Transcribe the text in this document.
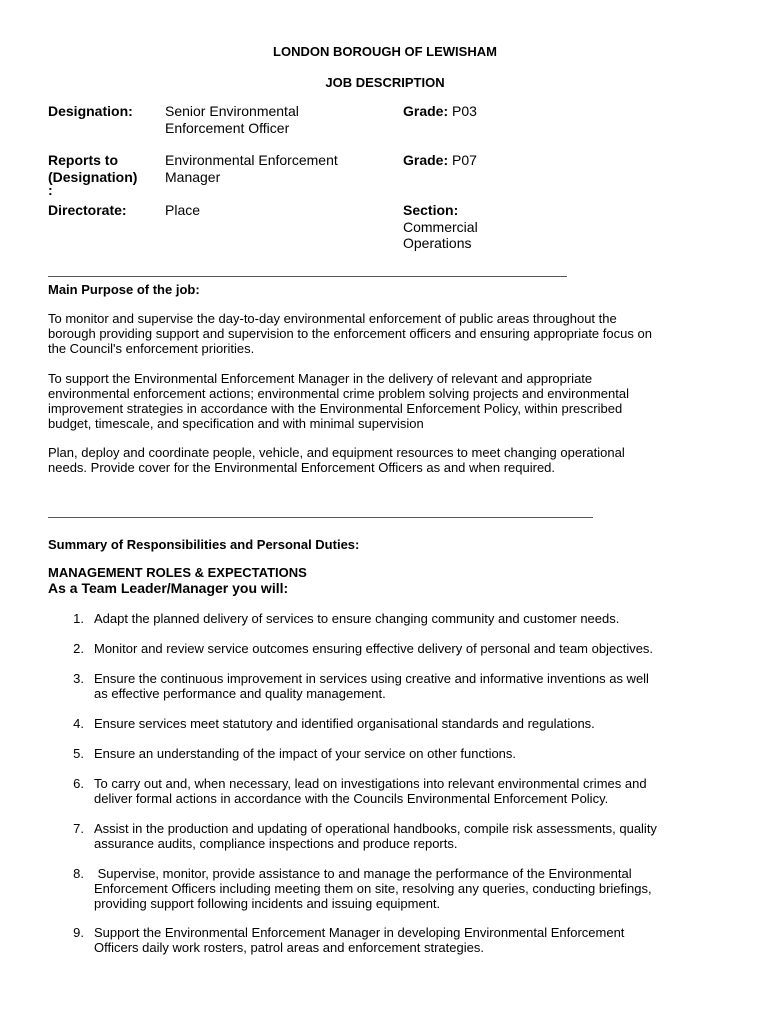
LONDON BOROUGH OF LEWISHAM
JOB DESCRIPTION
Designation: Senior Environmental
Enforcement Officer
Grade: P03
Reports to
(Designation)
:
Environmental Enforcement
Manager
Grade: P07
Directorate:	Place	Section:
Commercial
Operations
Main Purpose of the job:
To monitor and supervise the day-to-day environmental enforcement of public areas throughout the
borough providing support and supervision to the enforcement officers and ensuring appropriate focus on
the Council's enforcement priorities.
To support the Environmental Enforcement Manager in the delivery of relevant and appropriate
environmental enforcement actions; environmental crime problem solving projects and environmental
improvement strategies in accordance with the Environmental Enforcement Policy, within prescribed
budget, timescale, and specification and with minimal supervision
Plan, deploy and coordinate people, vehicle, and equipment resources to meet changing operational
needs. Provide cover for the Environmental Enforcement Officers as and when required.
Summary of Responsibilities and Personal Duties:
MANAGEMENT ROLES & EXPECTATIONS
As a Team Leader/Manager you will:
1. Adapt the planned delivery of services to ensure changing community and customer needs.
2. Monitor and review service outcomes ensuring effective delivery of personal and team objectives.
3. Ensure the continuous improvement in services using creative and informative inventions as well
as effective performance and quality management.
4. Ensure services meet statutory and identified organisational standards and regulations.
5. Ensure an understanding of the impact of your service on other functions.
6. To carry out and, when necessary, lead on investigations into relevant environmental crimes and
deliver formal actions in accordance with the Councils Environmental Enforcement Policy.
7. Assist in the production and updating of operational handbooks, compile risk assessments, quality
assurance audits, compliance inspections and produce reports.
8. Supervise, monitor, provide assistance to and manage the performance of the Environmental
Enforcement Officers including meeting them on site, resolving any queries, conducting briefings,
providing support following incidents and issuing equipment.
9. Support the Environmental Enforcement Manager in developing Environmental Enforcement
Officers daily work rosters, patrol areas and enforcement strategies.
